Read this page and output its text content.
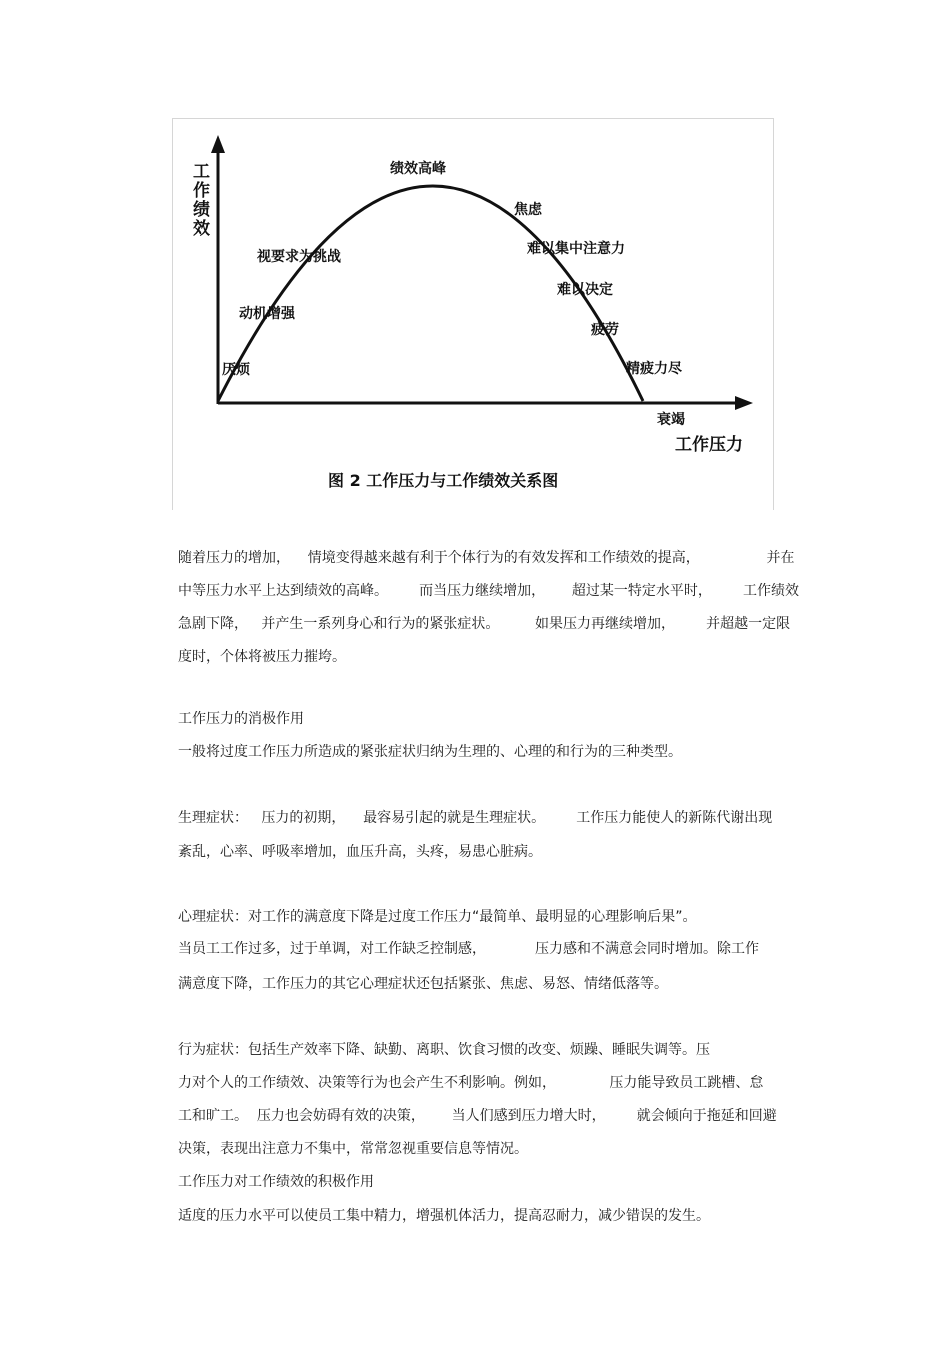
工
作
绩
效
工作压力
绩效高峰
视要求为挑战
动机增强
厌烦
焦虑
难以集中注意力
难以决定
疲劳
精疲力尽
衰竭
图 2 工作压力与工作绩效关系图
随着压力的增加，    情境变得越来越有利于个体行为的有效发挥和工作绩效的提高，               并在
中等压力水平上达到绩效的高峰。       而当压力继续增加，      超过某一特定水平时，       工作绩效
急剧下降，   并产生一系列身心和行为的紧张症状。        如果压力再继续增加，       并超越一定限
度时，个体将被压力摧垮。
工作压力的消极作用
一般将过度工作压力所造成的紧张症状归纳为生理的、心理的和行为的三种类型。
生理症状：   压力的初期，    最容易引起的就是生理症状。       工作压力能使人的新陈代谢出现
紊乱，心率、呼吸率增加，血压升高，头疼，易患心脏病。
心理症状：对工作的满意度下降是过度工作压力“最简单、最明显的心理影响后果”。
当员工工作过多，过于单调，对工作缺乏控制感，           压力感和不满意会同时增加。除工作
满意度下降，工作压力的其它心理症状还包括紧张、焦虑、易怒、情绪低落等。
行为症状：包括生产效率下降、缺勤、离职、饮食习惯的改变、烦躁、睡眠失调等。压
力对个人的工作绩效、决策等行为也会产生不利影响。例如，            压力能导致员工跳槽、怠
工和旷工。  压力也会妨碍有效的决策，      当人们感到压力增大时，       就会倾向于拖延和回避
决策，表现出注意力不集中，常常忽视重要信息等情况。
工作压力对工作绩效的积极作用
适度的压力水平可以使员工集中精力，增强机体活力，提高忍耐力，减少错误的发生。
